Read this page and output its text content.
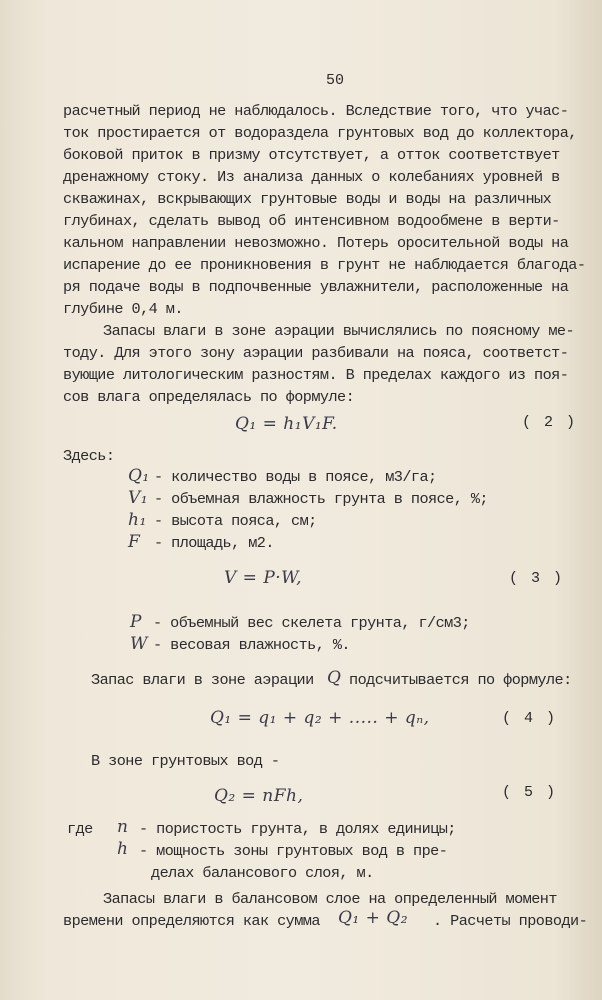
50
расчетный период не наблюдалось. Вследствие того, что учас-
ток простирается от водораздела грунтовых вод до коллектора,
боковой приток в призму отсутствует, а отток соответствует
дренажному стоку. Из анализа данных о колебаниях уровней в
скважинах, вскрывающих грунтовые воды и воды на различных
глубинах, сделать вывод об интенсивном водообмене в верти-
кальном направлении невозможно. Потерь оросительной воды на
испарение до ее проникновения в грунт не наблюдается благода-
ря подаче воды в подпочвенные увлажнители, расположенные на
глубине 0,4 м.
Запасы влаги в зоне аэрации вычислялись по поясному ме-
тоду. Для этого зону аэрации разбивали на пояса, соответст-
вующие литологическим разностям. В пределах каждого из поя-
сов влага определялась по формуле:
Q₁ = h₁V₁F.	( 2 )
Здесь:
Q₁ - количество воды в поясе, м3/га;
V₁ - объемная влажность грунта в поясе, %;
h₁ - высота пояса, см;
F - площадь, м2.
V = P·W,	( 3 )
P - объемный вес скелета грунта, г/см3;
W - весовая влажность, %.
Запас влаги в зоне аэрации Q подсчитывается по формуле:
Q₁ = q₁ + q₂ + ..... + qₙ,	( 4 )
В зоне грунтовых вод -
Q₂ = nFh,	( 5 )
где n - пористость грунта, в долях единицы;
h - мощность зоны грунтовых вод в пре-
делах балансового слоя, м.
Запасы влаги в балансовом слое на определенный момент
времени определяются как сумма Q₁ + Q₂ . Расчеты проводи-
